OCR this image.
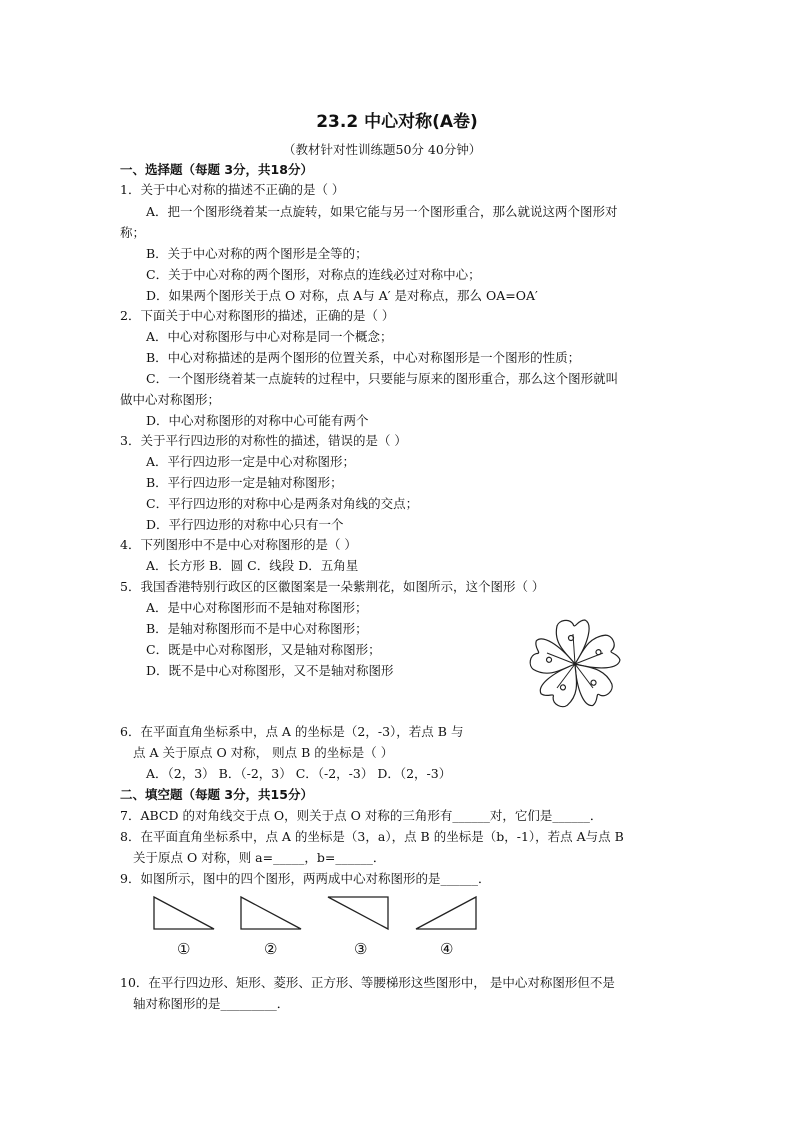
23.2 中心对称(A卷)
（教材针对性训练题50分 40分钟）
一、选择题（每题 3分，共18分）
1．关于中心对称的描述不正确的是（ ）
A．把一个图形绕着某一点旋转，如果它能与另一个图形重合，那么就说这两个图形对
称；
B．关于中心对称的两个图形是全等的；
C．关于中心对称的两个图形，对称点的连线必过对称中心；
D．如果两个图形关于点 O 对称，点 A与 A′ 是对称点，那么 OA=OA′
2．下面关于中心对称图形的描述，正确的是（ ）
A．中心对称图形与中心对称是同一个概念；
B．中心对称描述的是两个图形的位置关系，中心对称图形是一个图形的性质；
C．一个图形绕着某一点旋转的过程中，只要能与原来的图形重合，那么这个图形就叫
做中心对称图形；
D．中心对称图形的对称中心可能有两个
3．关于平行四边形的对称性的描述，错误的是（ ）
A．平行四边形一定是中心对称图形；
B．平行四边形一定是轴对称图形；
C．平行四边形的对称中心是两条对角线的交点；
D．平行四边形的对称中心只有一个
4．下列图形中不是中心对称图形的是（ ）
A．长方形 B．圆 C．线段 D．五角星
5．我国香港特别行政区的区徽图案是一朵紫荆花，如图所示，这个图形（ ）
A．是中心对称图形而不是轴对称图形；
B．是轴对称图形而不是中心对称图形；
C．既是中心对称图形，又是轴对称图形；
D．既不是中心对称图形，又不是轴对称图形
6．在平面直角坐标系中，点 A 的坐标是（2，-3），若点 B 与
点 A 关于原点 O 对称， 则点 B 的坐标是（ ）
A．（2，3） B．（-2，3） C．（-2，-3） D．（2，-3）
二、填空题（每题 3分，共15分）
7．ABCD 的对角线交于点 O，则关于点 O 对称的三角形有______对，它们是______．
8．在平面直角坐标系中，点 A 的坐标是（3，a），点 B 的坐标是（b，-1），若点 A与点 B
关于原点 O 对称，则 a=_____，b=______．
9．如图所示，图中的四个图形，两两成中心对称图形的是______．
①	②	③	④
10．在平行四边形、矩形、菱形、正方形、等腰梯形这些图形中， 是中心对称图形但不是
轴对称图形的是_________．
